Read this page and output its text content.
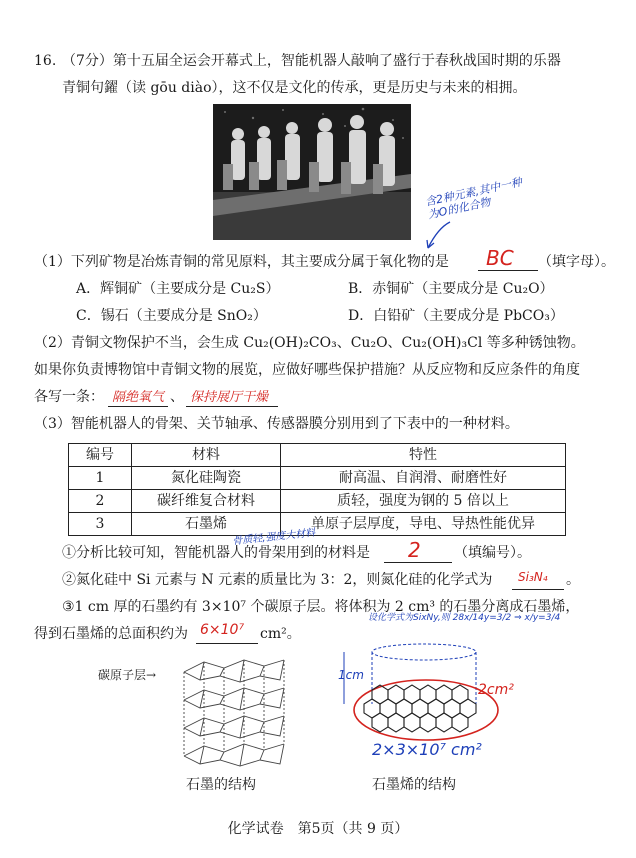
16. （7分）第十五届全运会开幕式上，智能机器人敲响了盛行于春秋战国时期的乐器
青铜句鑃（读 gōu diào），这不仅是文化的传承，更是历史与未来的相拥。
含2种元素,其中一种为O的化合物
（1）下列矿物是冶炼青铜的常见原料，其主要成分属于氧化物的是 BC （填字母）。
A．辉铜矿（主要成分是 Cu₂S）	B．赤铜矿（主要成分是 Cu₂O）
C．锡石（主要成分是 SnO₂）	D．白铅矿（主要成分是 PbCO₃）
（2）青铜文物保护不当，会生成 Cu₂(OH)₂CO₃、Cu₂O、Cu₂(OH)₃Cl 等多种锈蚀物。
如果你负责博物馆中青铜文物的展览，应做好哪些保护措施？从反应物和反应条件的角度
各写一条： 隔绝氧气 、 保持展厅干燥
（3）智能机器人的骨架、关节轴承、传感器膜分别用到了下表中的一种材料。
编号	材料	特性
1	氮化硅陶瓷	耐高温、自润滑、耐磨性好
2	碳纤维复合材料	质轻，强度为钢的 5 倍以上
3	石墨烯	单原子层厚度，导电、导热性能优异
骨质轻,强度大材料
①分析比较可知，智能机器人的骨架用到的材料是 2 （填编号）。
②氮化硅中 Si 元素与 N 元素的质量比为 3：2，则氮化硅的化学式为 Si₃N₄ 。
设化学式为SixNy,则 28x/14y=3/2 ⇒ x/y=3/4
③1 cm 厚的石墨约有 3×10⁷ 个碳原子层。将体积为 2 cm³ 的石墨分离成石墨烯，
得到石墨烯的总面积约为 6×10⁷ cm²。
碳原子层→
石墨的结构
1cm
2cm²
2×3×10⁷ cm²
石墨烯的结构
化学试卷　第5页（共 9 页）
